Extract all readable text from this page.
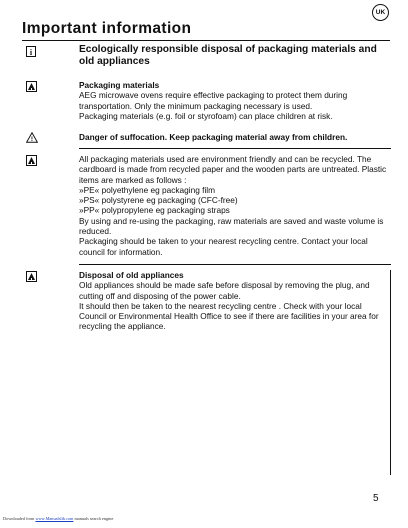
UK
Important information
i	Ecologically responsible disposal of packaging materials and old appliances

Packaging materials

AEG microwave ovens require effective packaging to protect them during transportation. Only the minimum packaging necessary is used.

Packaging materials (e.g. foil or styrofoam) can place children at risk.

!	Danger of suffocation. Keep packaging material away from children.

All packaging materials used are environment friendly and can be recycled. The cardboard is made from recycled paper and the wooden parts are untreated. Plastic items are marked as follows :

»PE« polyethylene eg packaging film

»PS« polystyrene eg packaging (CFC-free)

»PP« polypropylene eg packaging straps

By using and re-using the packaging, raw materials are saved and waste volume is reduced.

Packaging should be taken to your nearest recycling centre. Contact your local council for information.

Disposal of old appliances

Old appliances should be made safe before disposal by removing the plug, and cutting off and disposing of the power cable.

It should then be taken to the nearest recycling centre . Check with your local Council or Environmental Health Office to see if there are facilities in your area for recycling the appliance.

5
Downloaded from www.Manualslib.com manuals search engine
